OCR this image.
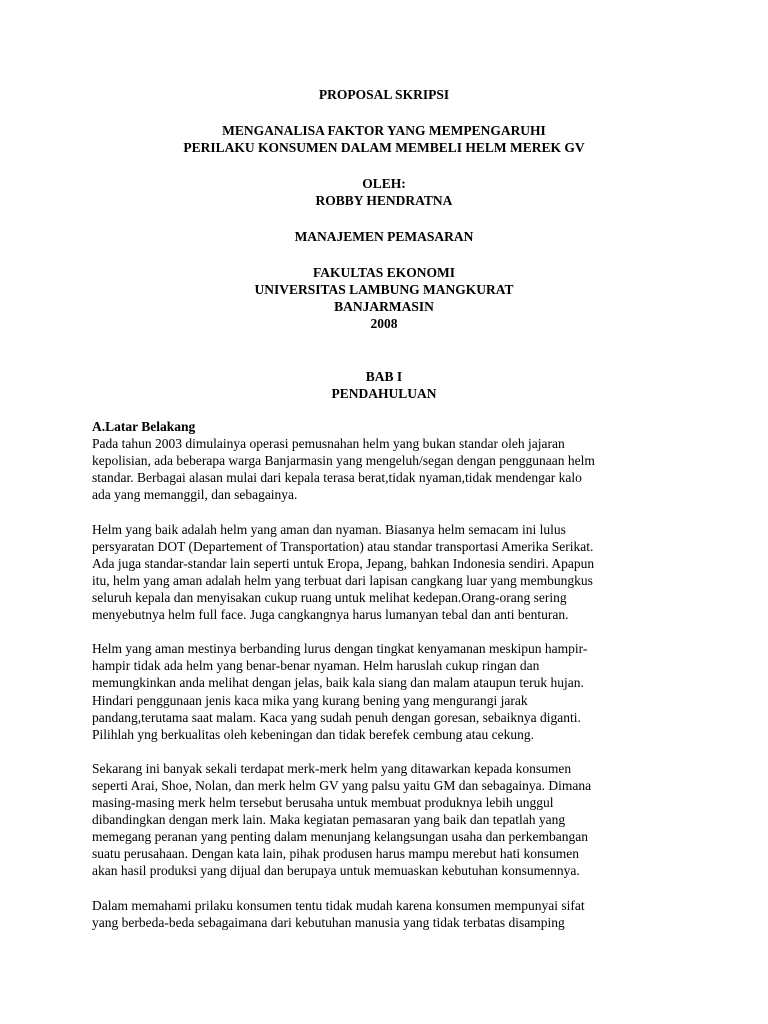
PROPOSAL SKRIPSI
MENGANALISA FAKTOR YANG MEMPENGARUHI
PERILAKU KONSUMEN DALAM MEMBELI HELM MEREK GV
OLEH:
ROBBY HENDRATNA
MANAJEMEN PEMASARAN
FAKULTAS EKONOMI
UNIVERSITAS LAMBUNG MANGKURAT
BANJARMASIN
2008
BAB I
PENDAHULUAN
A.Latar Belakang
Pada tahun 2003 dimulainya operasi pemusnahan helm yang bukan standar oleh jajaran
kepolisian, ada beberapa warga Banjarmasin yang mengeluh/segan dengan penggunaan helm
standar. Berbagai alasan mulai dari kepala terasa berat,tidak nyaman,tidak mendengar kalo
ada yang memanggil, dan sebagainya.
Helm yang baik adalah helm yang aman dan nyaman. Biasanya helm semacam ini lulus
persyaratan DOT (Departement of Transportation) atau standar transportasi Amerika Serikat.
Ada juga standar-standar lain seperti untuk Eropa, Jepang, bahkan Indonesia sendiri. Apapun
itu, helm yang aman adalah helm yang terbuat dari lapisan cangkang luar yang membungkus
seluruh kepala dan menyisakan cukup ruang untuk melihat kedepan.Orang-orang sering
menyebutnya helm full face. Juga cangkangnya harus lumanyan tebal dan anti benturan.
Helm yang aman mestinya berbanding lurus dengan tingkat kenyamanan meskipun hampir-
hampir tidak ada helm yang benar-benar nyaman. Helm haruslah cukup ringan dan
memungkinkan anda melihat dengan jelas, baik kala siang dan malam ataupun teruk hujan.
Hindari penggunaan jenis kaca mika yang kurang bening yang mengurangi jarak
pandang,terutama saat malam. Kaca yang sudah penuh dengan goresan, sebaiknya diganti.
Pilihlah yng berkualitas oleh kebeningan dan tidak berefek cembung atau cekung.
Sekarang ini banyak sekali terdapat merk-merk helm yang ditawarkan kepada konsumen
seperti Arai, Shoe, Nolan, dan merk helm GV yang palsu yaitu GM dan sebagainya. Dimana
masing-masing merk helm tersebut berusaha untuk membuat produknya lebih unggul
dibandingkan dengan merk lain. Maka kegiatan pemasaran yang baik dan tepatlah yang
memegang peranan yang penting dalam menunjang kelangsungan usaha dan perkembangan
suatu perusahaan. Dengan kata lain, pihak produsen harus mampu merebut hati konsumen
akan hasil produksi yang dijual dan berupaya untuk memuaskan kebutuhan konsumennya.
Dalam memahami prilaku konsumen tentu tidak mudah karena konsumen mempunyai sifat
yang berbeda-beda sebagaimana dari kebutuhan manusia yang tidak terbatas disamping
